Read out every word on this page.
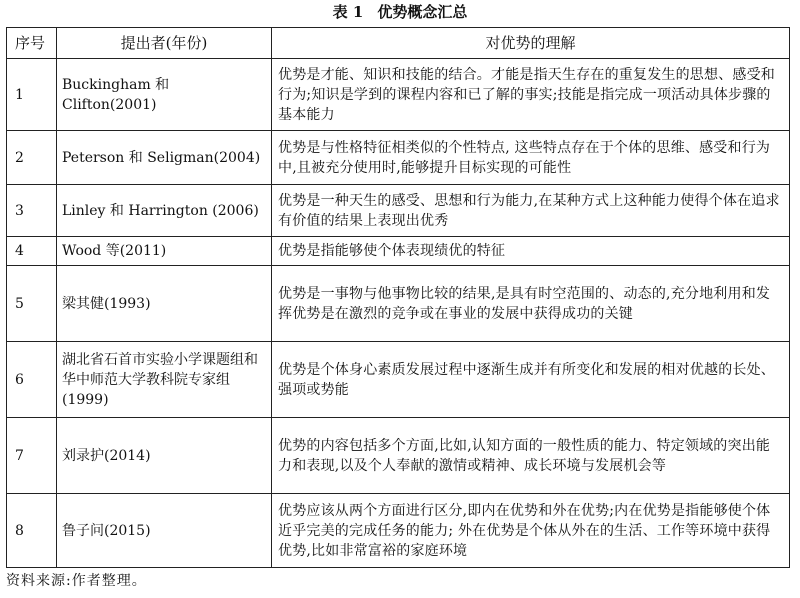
表 1 优势概念汇总
序号	提出者(年份)	对优势的理解
1	Buckingham 和 Clifton(2001)	优势是才能、知识和技能的结合。才能是指天生存在的重复发生的思想、感受和行为;知识是学到的课程内容和已了解的事实;技能是指完成一项活动具体步骤的基本能力
2	Peterson 和 Seligman(2004)	优势是与性格特征相类似的个性特点, 这些特点存在于个体的思维、感受和行为中,且被充分使用时,能够提升目标实现的可能性
3	Linley 和 Harrington (2006)	优势是一种天生的感受、思想和行为能力,在某种方式上这种能力使得个体在追求有价值的结果上表现出优秀
4	Wood 等(2011)	优势是指能够使个体表现绩优的特征
5	梁其健(1993)	优势是一事物与他事物比较的结果,是具有时空范围的、动态的,充分地利用和发挥优势是在激烈的竞争或在事业的发展中获得成功的关键
6	湖北省石首市实验小学课题组和华中师范大学教科院专家组(1999)	优势是个体身心素质发展过程中逐渐生成并有所变化和发展的相对优越的长处、强项或势能
7	刘录护(2014)	优势的内容包括多个方面,比如,认知方面的一般性质的能力、特定领域的突出能力和表现,以及个人奉献的激情或精神、成长环境与发展机会等
8	鲁子问(2015)	优势应该从两个方面进行区分,即内在优势和外在优势;内在优势是指能够使个体近乎完美的完成任务的能力; 外在优势是个体从外在的生活、工作等环境中获得优势,比如非常富裕的家庭环境
资料来源:作者整理。
